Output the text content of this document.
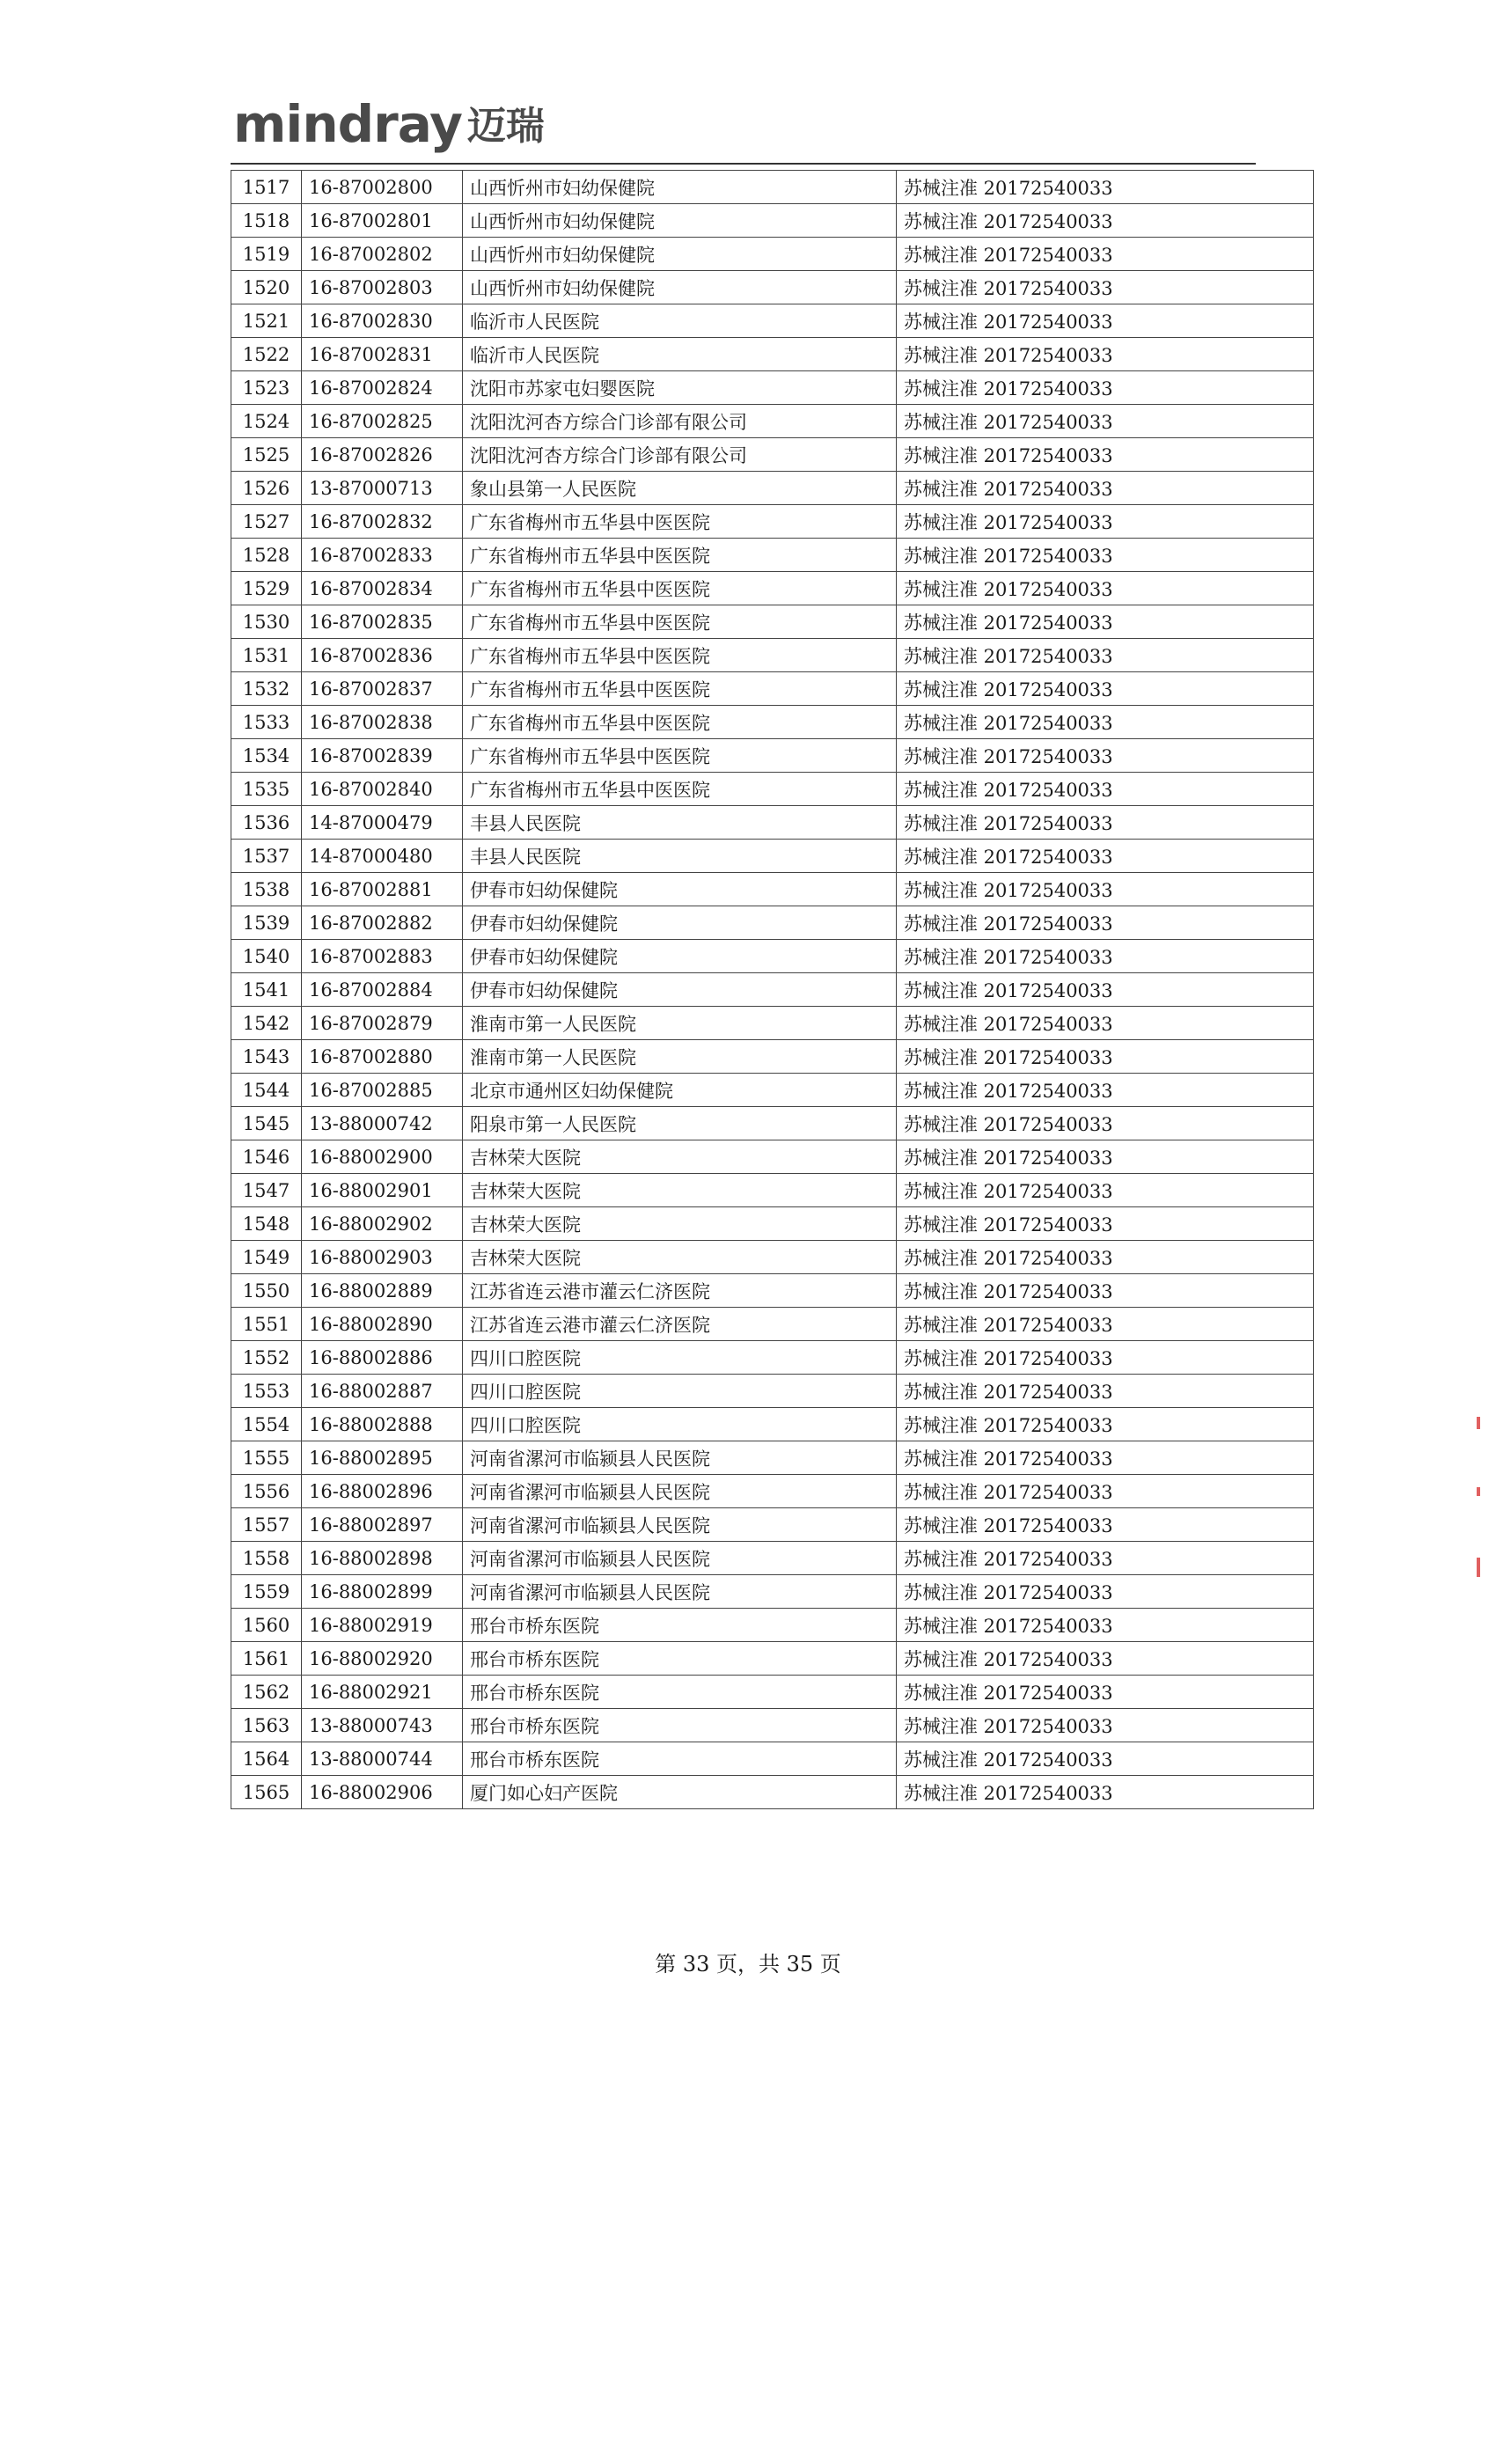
mindray 迈瑞
1517	16-87002800	山西忻州市妇幼保健院	苏械注准 20172540033
1518	16-87002801	山西忻州市妇幼保健院	苏械注准 20172540033
1519	16-87002802	山西忻州市妇幼保健院	苏械注准 20172540033
1520	16-87002803	山西忻州市妇幼保健院	苏械注准 20172540033
1521	16-87002830	临沂市人民医院	苏械注准 20172540033
1522	16-87002831	临沂市人民医院	苏械注准 20172540033
1523	16-87002824	沈阳市苏家屯妇婴医院	苏械注准 20172540033
1524	16-87002825	沈阳沈河杏方综合门诊部有限公司	苏械注准 20172540033
1525	16-87002826	沈阳沈河杏方综合门诊部有限公司	苏械注准 20172540033
1526	13-87000713	象山县第一人民医院	苏械注准 20172540033
1527	16-87002832	广东省梅州市五华县中医医院	苏械注准 20172540033
1528	16-87002833	广东省梅州市五华县中医医院	苏械注准 20172540033
1529	16-87002834	广东省梅州市五华县中医医院	苏械注准 20172540033
1530	16-87002835	广东省梅州市五华县中医医院	苏械注准 20172540033
1531	16-87002836	广东省梅州市五华县中医医院	苏械注准 20172540033
1532	16-87002837	广东省梅州市五华县中医医院	苏械注准 20172540033
1533	16-87002838	广东省梅州市五华县中医医院	苏械注准 20172540033
1534	16-87002839	广东省梅州市五华县中医医院	苏械注准 20172540033
1535	16-87002840	广东省梅州市五华县中医医院	苏械注准 20172540033
1536	14-87000479	丰县人民医院	苏械注准 20172540033
1537	14-87000480	丰县人民医院	苏械注准 20172540033
1538	16-87002881	伊春市妇幼保健院	苏械注准 20172540033
1539	16-87002882	伊春市妇幼保健院	苏械注准 20172540033
1540	16-87002883	伊春市妇幼保健院	苏械注准 20172540033
1541	16-87002884	伊春市妇幼保健院	苏械注准 20172540033
1542	16-87002879	淮南市第一人民医院	苏械注准 20172540033
1543	16-87002880	淮南市第一人民医院	苏械注准 20172540033
1544	16-87002885	北京市通州区妇幼保健院	苏械注准 20172540033
1545	13-88000742	阳泉市第一人民医院	苏械注准 20172540033
1546	16-88002900	吉林荣大医院	苏械注准 20172540033
1547	16-88002901	吉林荣大医院	苏械注准 20172540033
1548	16-88002902	吉林荣大医院	苏械注准 20172540033
1549	16-88002903	吉林荣大医院	苏械注准 20172540033
1550	16-88002889	江苏省连云港市灌云仁济医院	苏械注准 20172540033
1551	16-88002890	江苏省连云港市灌云仁济医院	苏械注准 20172540033
1552	16-88002886	四川口腔医院	苏械注准 20172540033
1553	16-88002887	四川口腔医院	苏械注准 20172540033
1554	16-88002888	四川口腔医院	苏械注准 20172540033
1555	16-88002895	河南省漯河市临颍县人民医院	苏械注准 20172540033
1556	16-88002896	河南省漯河市临颍县人民医院	苏械注准 20172540033
1557	16-88002897	河南省漯河市临颍县人民医院	苏械注准 20172540033
1558	16-88002898	河南省漯河市临颍县人民医院	苏械注准 20172540033
1559	16-88002899	河南省漯河市临颍县人民医院	苏械注准 20172540033
1560	16-88002919	邢台市桥东医院	苏械注准 20172540033
1561	16-88002920	邢台市桥东医院	苏械注准 20172540033
1562	16-88002921	邢台市桥东医院	苏械注准 20172540033
1563	13-88000743	邢台市桥东医院	苏械注准 20172540033
1564	13-88000744	邢台市桥东医院	苏械注准 20172540033
1565	16-88002906	厦门如心妇产医院	苏械注准 20172540033
第 33 页，共 35 页
